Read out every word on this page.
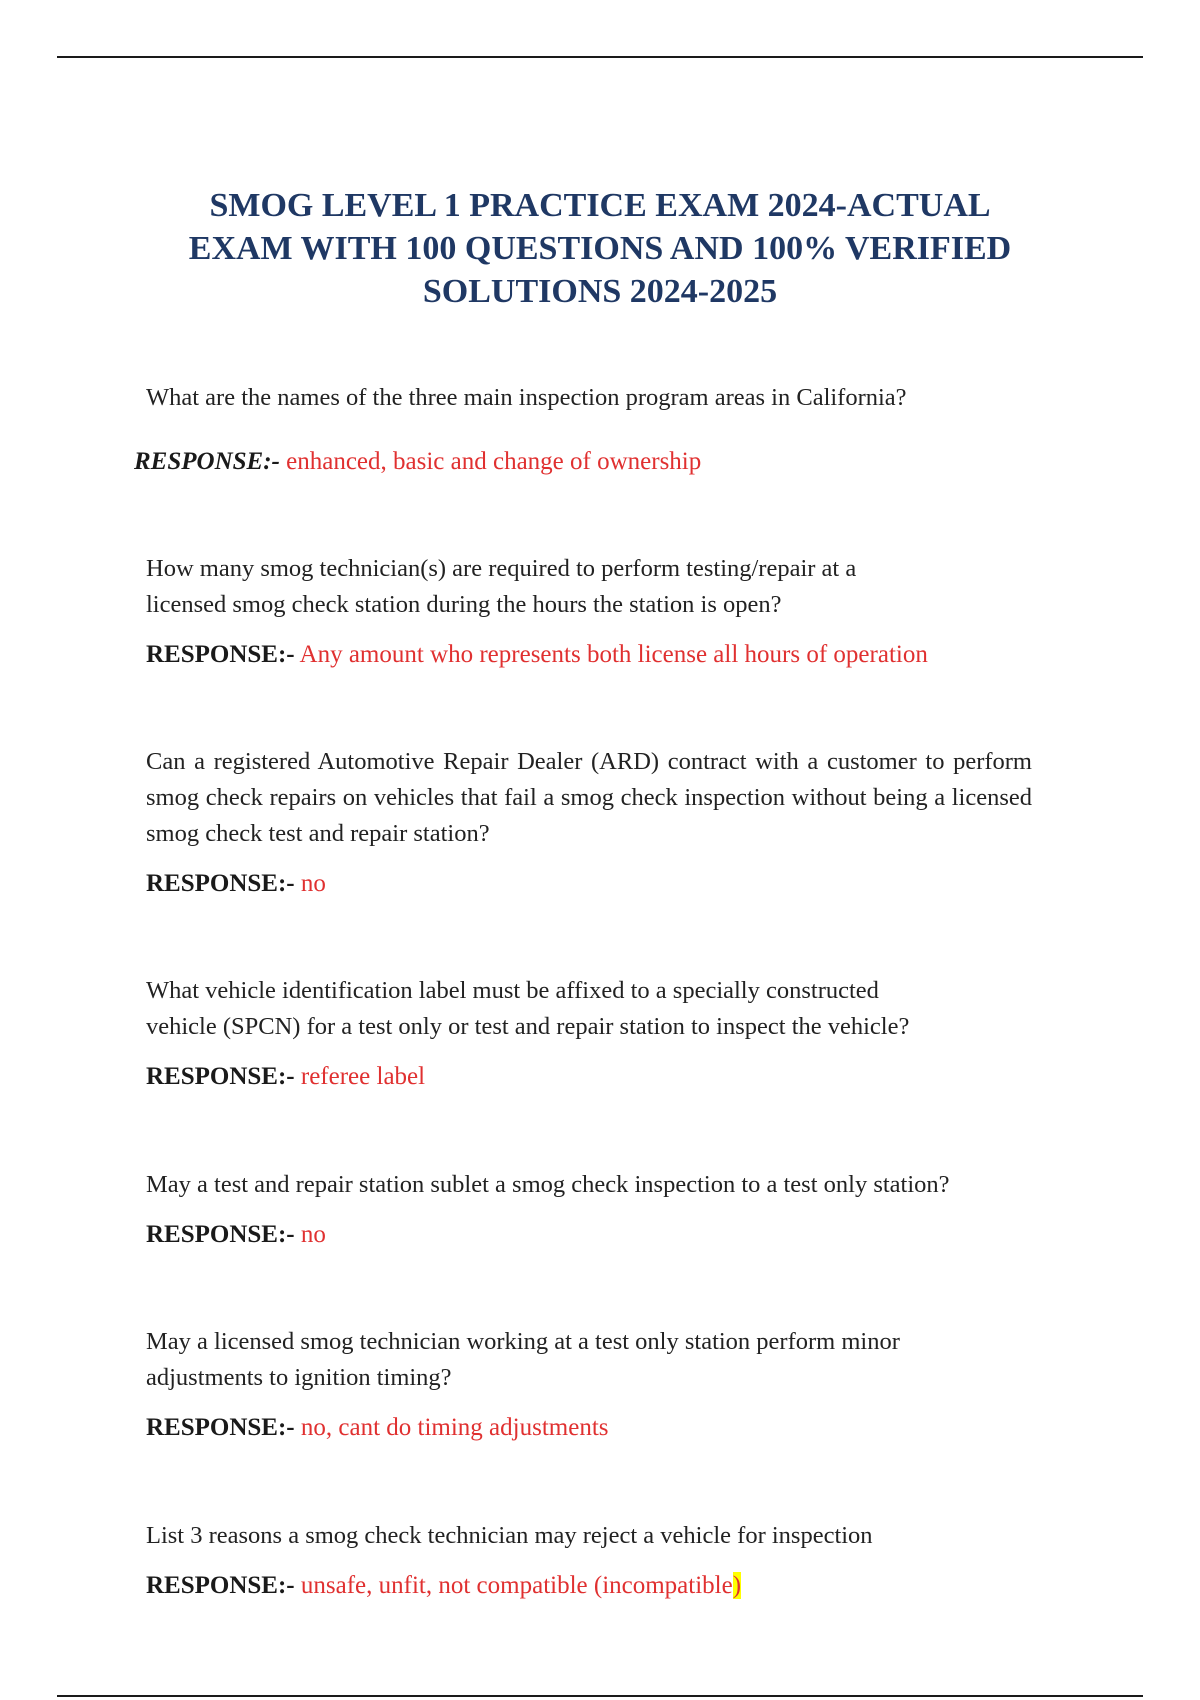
SMOG LEVEL 1 PRACTICE EXAM 2024-ACTUAL
EXAM WITH 100 QUESTIONS AND 100% VERIFIED
SOLUTIONS 2024-2025

What are the names of the three main inspection program areas in California?

RESPONSE:- enhanced, basic and change of ownership

How many smog technician(s) are required to perform testing/repair at a
licensed smog check station during the hours the station is open?

RESPONSE:- Any amount who represents both license all hours of operation

Can a registered Automotive Repair Dealer (ARD) contract with a customer to perform smog check repairs on vehicles that fail a smog check inspection without being a licensed smog check test and repair station?

RESPONSE:- no

What vehicle identification label must be affixed to a specially constructed
vehicle (SPCN) for a test only or test and repair station to inspect the vehicle?

RESPONSE:- referee label

May a test and repair station sublet a smog check inspection to a test only station?

RESPONSE:- no

May a licensed smog technician working at a test only station perform minor
adjustments to ignition timing?

RESPONSE:- no, cant do timing adjustments

List 3 reasons a smog check technician may reject a vehicle for inspection

RESPONSE:- unsafe, unfit, not compatible (incompatible)
